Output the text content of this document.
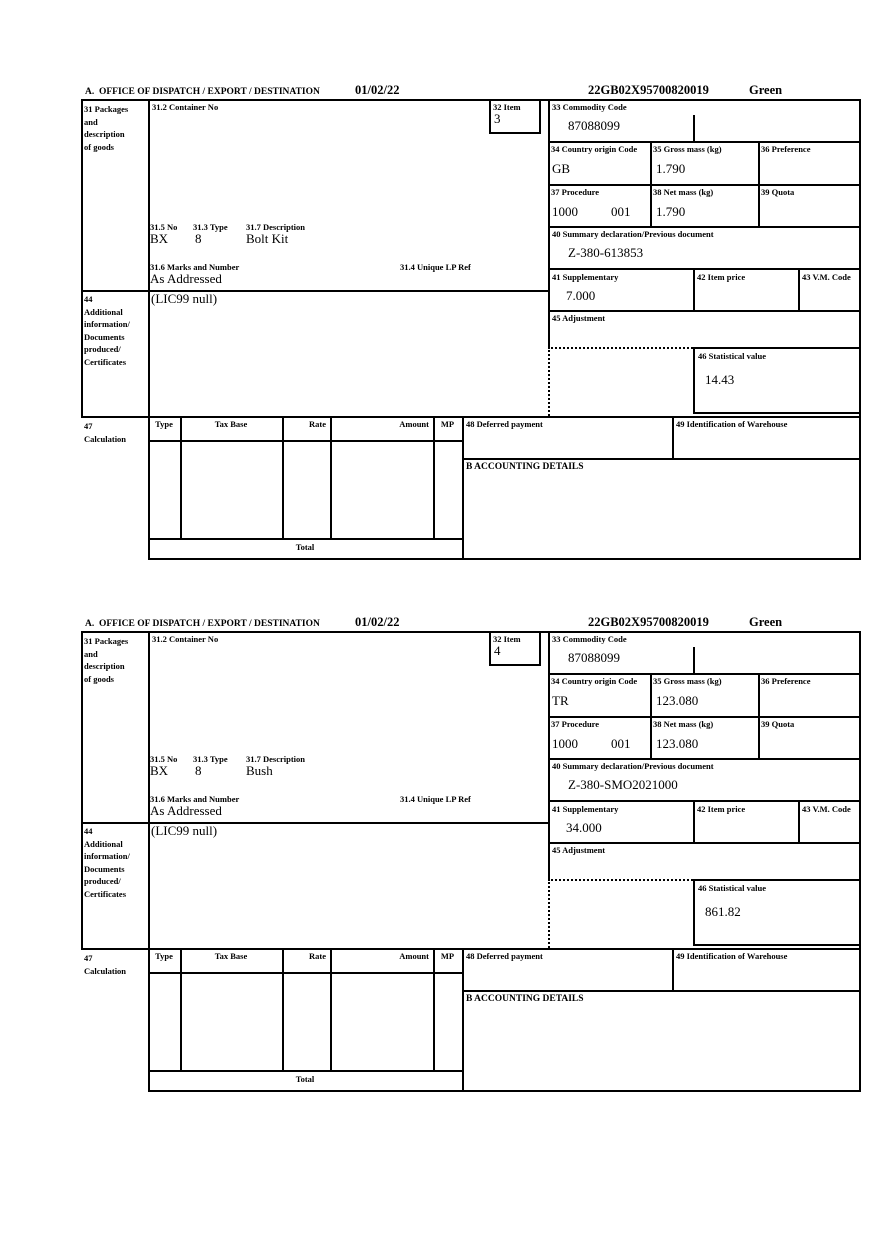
A.  OFFICE OF DISPATCH / EXPORT / DESTINATION	01/02/22	22GB02X95700820019	Green
31 Packages
and
description
of goods
44
Additional
information/
Documents
produced/
Certificates
47
Calculation
31.2 Container No	32 Item
3
31.5 No 31.3 Type 31.7 Description
BX 8	Bolt Kit
31.6 Marks and Number	31.4 Unique LP Ref
As Addressed
(LIC99 null)
33 Commodity Code
87088099
34 Country origin Code
GB
35 Gross mass (kg)
1.790
36 Preference
37 Procedure
1000	001
38 Net mass (kg)
1.790
39 Quota
40 Summary declaration/Previous document
Z-380-613853
41 Supplementary
7.000
42 Item price	43 V.M. Code
45 Adjustment
46 Statistical value
14.43
Type	Tax Base	Rate	Amount	MP
Total
48 Deferred payment	49 Identification of Warehouse
B ACCOUNTING DETAILS
A.  OFFICE OF DISPATCH / EXPORT / DESTINATION	01/02/22	22GB02X95700820019	Green
31 Packages
and
description
of goods
44
Additional
information/
Documents
produced/
Certificates
47
Calculation
31.2 Container No	32 Item
4
31.5 No 31.3 Type 31.7 Description
BX 8	Bush
31.6 Marks and Number	31.4 Unique LP Ref
As Addressed
(LIC99 null)
33 Commodity Code
87088099
34 Country origin Code
TR
35 Gross mass (kg)
123.080
36 Preference
37 Procedure
1000	001
38 Net mass (kg)
123.080
39 Quota
40 Summary declaration/Previous document
Z-380-SMO2021000
41 Supplementary
34.000
42 Item price	43 V.M. Code
45 Adjustment
46 Statistical value
861.82
Type	Tax Base	Rate	Amount	MP
Total
48 Deferred payment	49 Identification of Warehouse
B ACCOUNTING DETAILS
